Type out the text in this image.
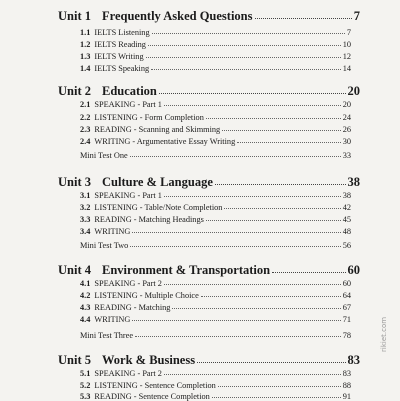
Unit 1 Frequently Asked Questions	7
1.1 IELTS Listening	7
1.2 IELTS Reading	10
1.3 IELTS Writing	12
1.4 IELTS Speaking	14
Unit 2 Education	20
2.1 SPEAKING - Part 1	20
2.2 LISTENING - Form Completion	24
2.3 READING - Scanning and Skimming	26
2.4 WRITING - Argumentative Essay Writing	30
Mini Test One	33
Unit 3 Culture & Language	38
3.1 SPEAKING - Part 1	38
3.2 LISTENING - Table/Note Completion	42
3.3 READING - Matching Headings	45
3.4 WRITING	48
Mini Test Two	56
Unit 4 Environment & Transportation	60
4.1 SPEAKING - Part 2	60
4.2 LISTENING - Multiple Choice	64
4.3 READING - Matching	67
4.4 WRITING	71
Mini Test Three	78
Unit 5 Work & Business	83
5.1 SPEAKING - Part 2	83
5.2 LISTENING - Sentence Completion	88
5.3 READING - Sentence Completion	91
rikiet.com
